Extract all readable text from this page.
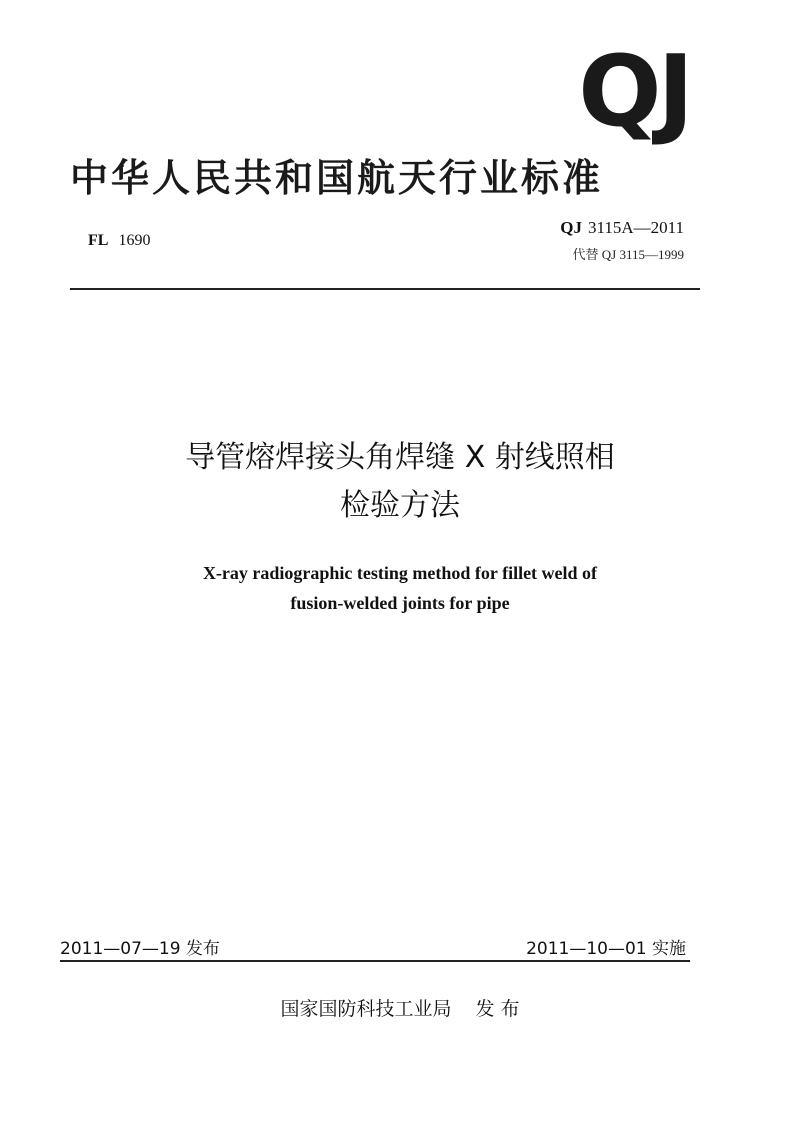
QJ
中华人民共和国航天行业标准
FL 1690
QJ 3115A—2011
代替 QJ 3115—1999
导管熔焊接头角焊缝 X 射线照相
检验方法
X-ray radiographic testing method for fillet weld of
fusion-welded joints for pipe
2011—07—19 发布	2011—10—01 实施
国家国防科技工业局 发 布
